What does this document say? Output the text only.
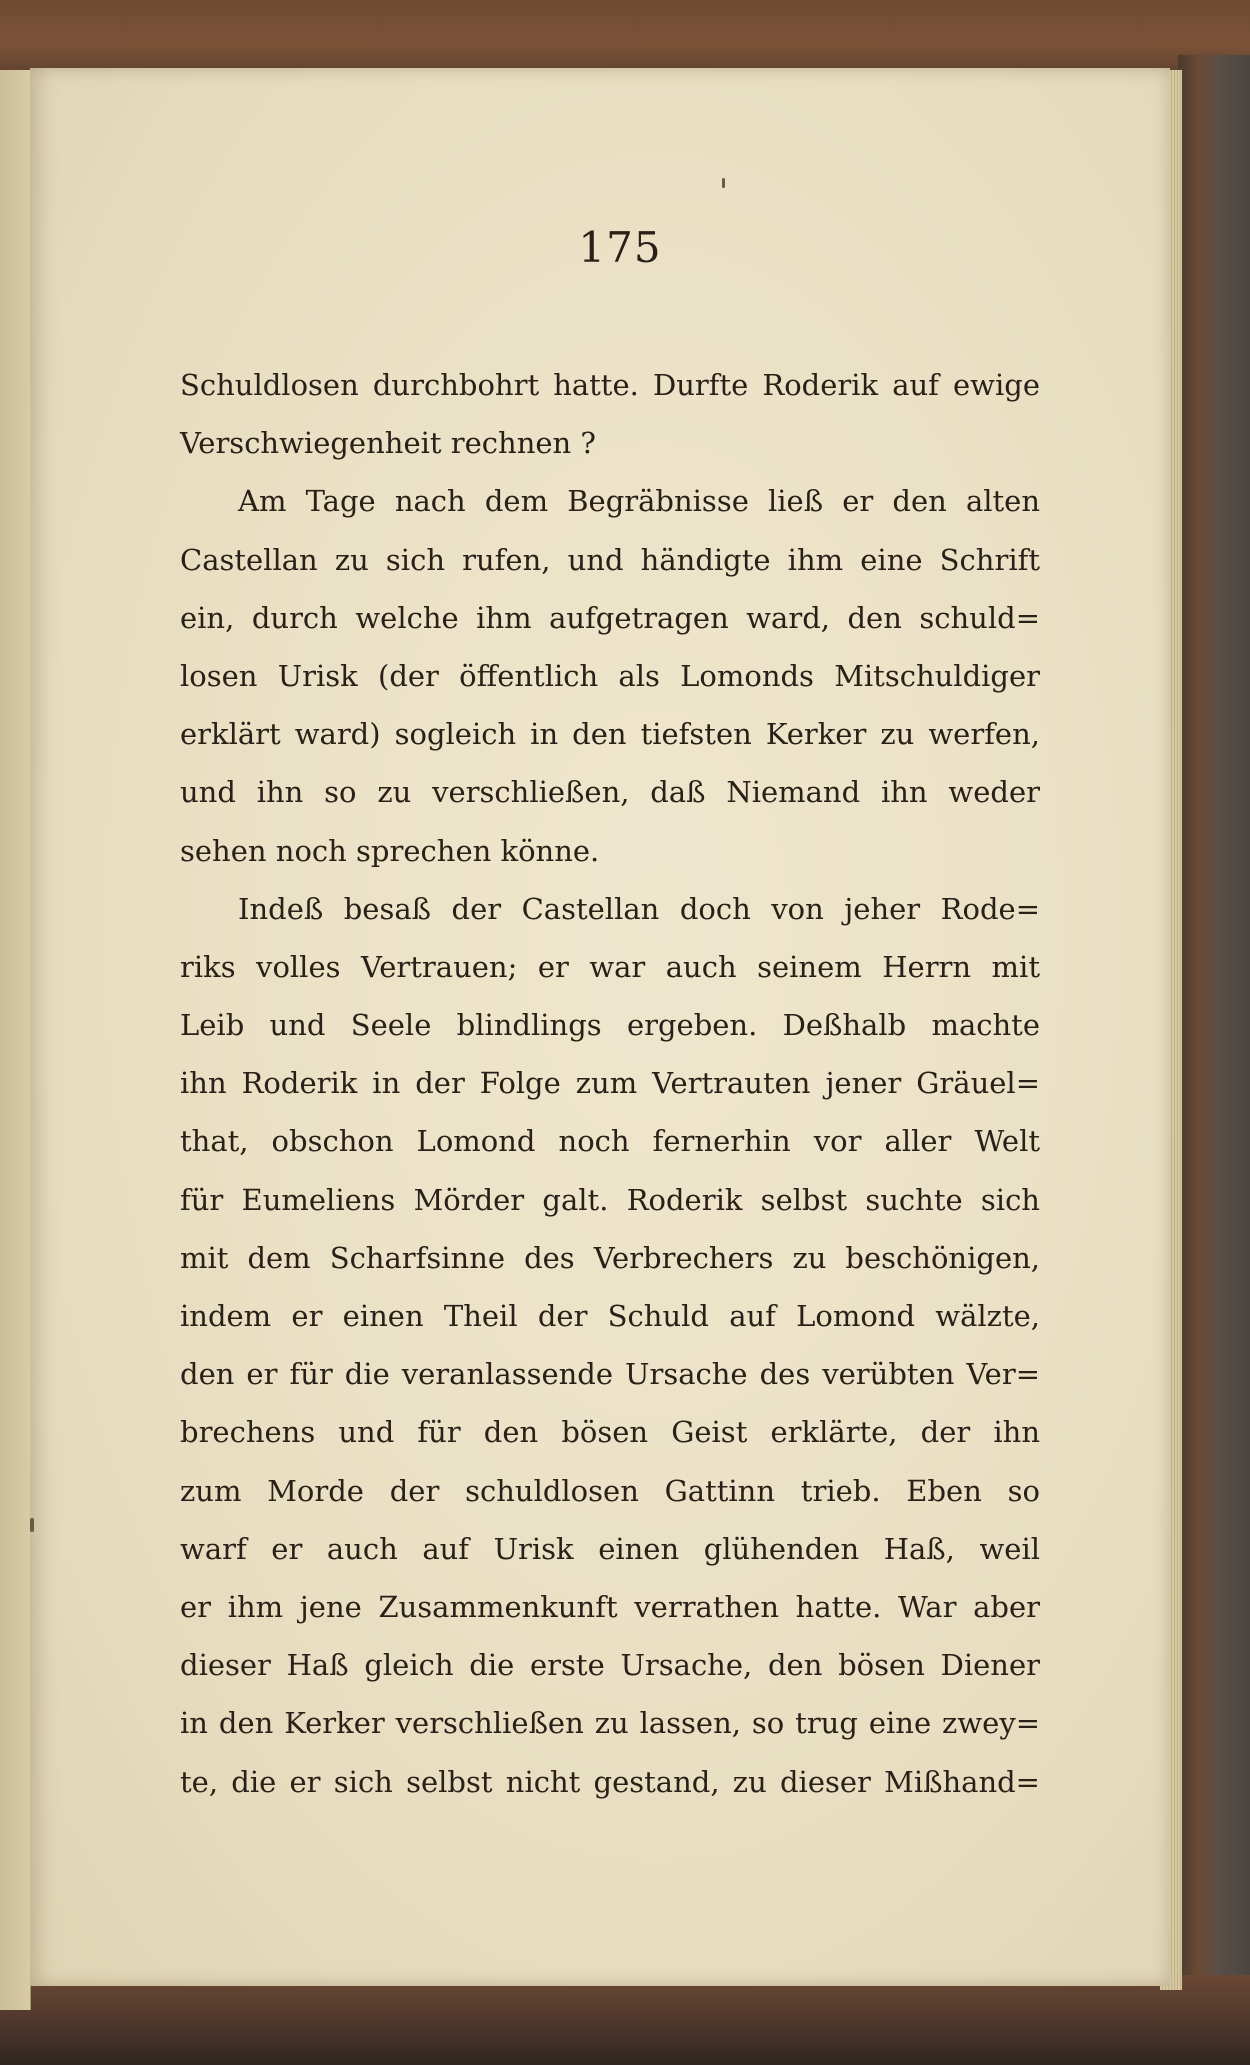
175
Schuldlosen durchbohrt hatte. Durfte Roderik auf ewige
Verschwiegenheit rechnen ?
Am Tage nach dem Begräbnisse ließ er den alten
Castellan zu sich rufen, und händigte ihm eine Schrift
ein, durch welche ihm aufgetragen ward, den schuld=
losen Urisk (der öffentlich als Lomonds Mitschuldiger
erklärt ward) sogleich in den tiefsten Kerker zu werfen,
und ihn so zu verschließen, daß Niemand ihn weder
sehen noch sprechen könne.
Indeß besaß der Castellan doch von jeher Rode=
riks volles Vertrauen; er war auch seinem Herrn mit
Leib und Seele blindlings ergeben. Deßhalb machte
ihn Roderik in der Folge zum Vertrauten jener Gräuel=
that, obschon Lomond noch fernerhin vor aller Welt
für Eumeliens Mörder galt. Roderik selbst suchte sich
mit dem Scharfsinne des Verbrechers zu beschönigen,
indem er einen Theil der Schuld auf Lomond wälzte,
den er für die veranlassende Ursache des verübten Ver=
brechens und für den bösen Geist erklärte, der ihn
zum Morde der schuldlosen Gattinn trieb. Eben so
warf er auch auf Urisk einen glühenden Haß, weil
er ihm jene Zusammenkunft verrathen hatte. War aber
dieser Haß gleich die erste Ursache, den bösen Diener
in den Kerker verschließen zu lassen, so trug eine zwey=
te, die er sich selbst nicht gestand, zu dieser Mißhand=
